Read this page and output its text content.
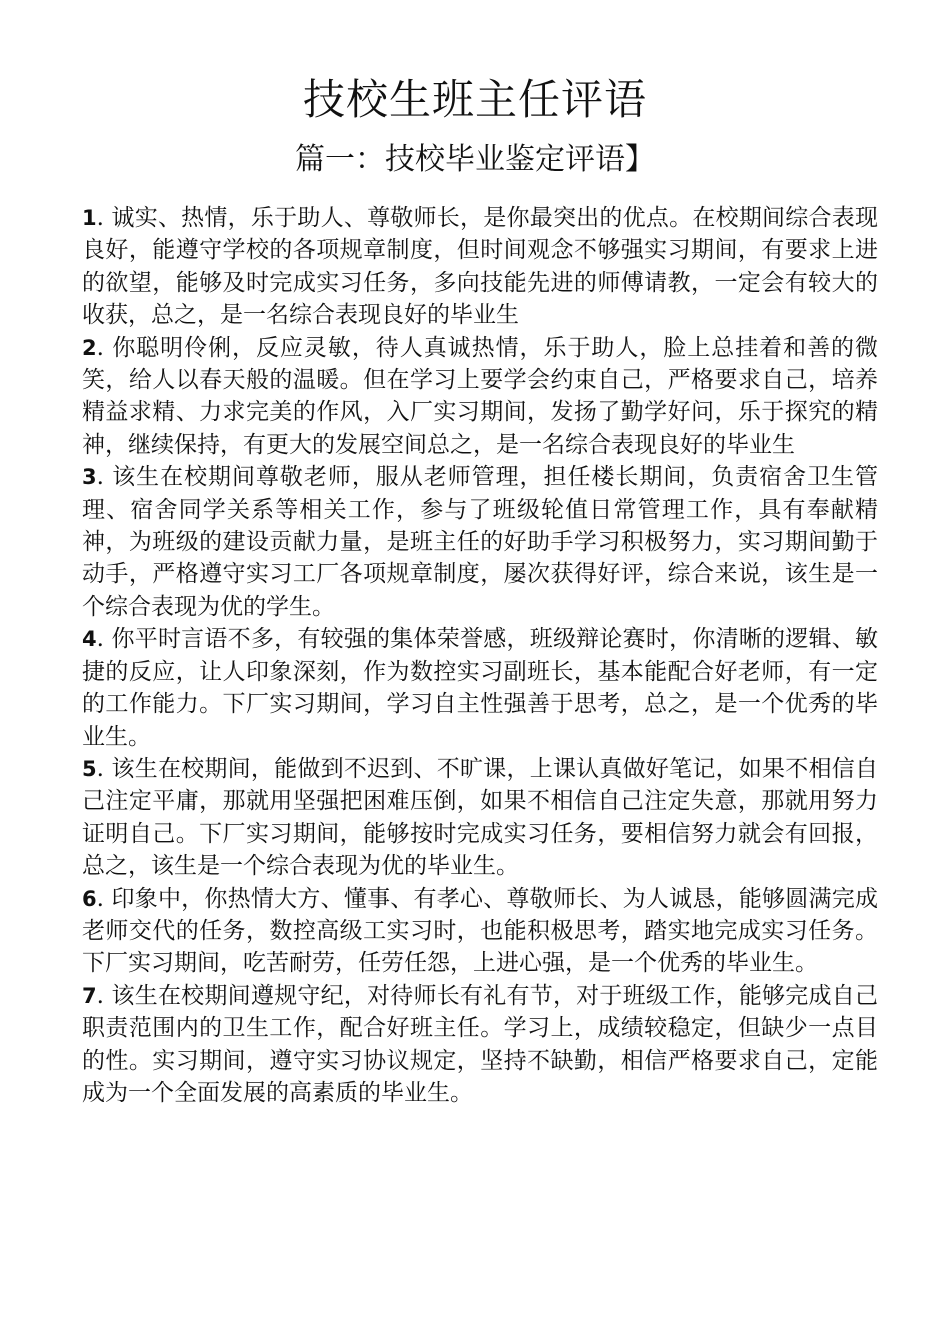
技校生班主任评语
篇一：技校毕业鉴定评语】

1. 诚实、热情，乐于助人、尊敬师长，是你最突出的优点。在校期间综合表现良好，能遵守学校的各项规章制度，但时间观念不够强实习期间，有要求上进的欲望，能够及时完成实习任务，多向技能先进的师傅请教，一定会有较大的收获，总之，是一名综合表现良好的毕业生

2. 你聪明伶俐，反应灵敏，待人真诚热情，乐于助人，脸上总挂着和善的微笑，给人以春天般的温暖。但在学习上要学会约束自己，严格要求自己，培养精益求精、力求完美的作风，入厂实习期间，发扬了勤学好问，乐于探究的精神，继续保持，有更大的发展空间总之，是一名综合表现良好的毕业生

3. 该生在校期间尊敬老师，服从老师管理，担任楼长期间，负责宿舍卫生管理、宿舍同学关系等相关工作，参与了班级轮值日常管理工作，具有奉献精神，为班级的建设贡献力量，是班主任的好助手学习积极努力，实习期间勤于动手，严格遵守实习工厂各项规章制度，屡次获得好评，综合来说，该生是一个综合表现为优的学生。

4. 你平时言语不多，有较强的集体荣誉感，班级辩论赛时，你清晰的逻辑、敏捷的反应，让人印象深刻，作为数控实习副班长，基本能配合好老师，有一定的工作能力。下厂实习期间，学习自主性强善于思考，总之，是一个优秀的毕业生。

5. 该生在校期间，能做到不迟到、不旷课，上课认真做好笔记，如果不相信自己注定平庸，那就用坚强把困难压倒，如果不相信自己注定失意，那就用努力证明自己。下厂实习期间，能够按时完成实习任务，要相信努力就会有回报，总之，该生是一个综合表现为优的毕业生。

6. 印象中，你热情大方、懂事、有孝心、尊敬师长、为人诚恳，能够圆满完成老师交代的任务，数控高级工实习时，也能积极思考，踏实地完成实习任务。下厂实习期间，吃苦耐劳，任劳任怨，上进心强，是一个优秀的毕业生。

7. 该生在校期间遵规守纪，对待师长有礼有节，对于班级工作，能够完成自己职责范围内的卫生工作，配合好班主任。学习上，成绩较稳定，但缺少一点目的性。实习期间，遵守实习协议规定，坚持不缺勤，相信严格要求自己，定能成为一个全面发展的高素质的毕业生。
